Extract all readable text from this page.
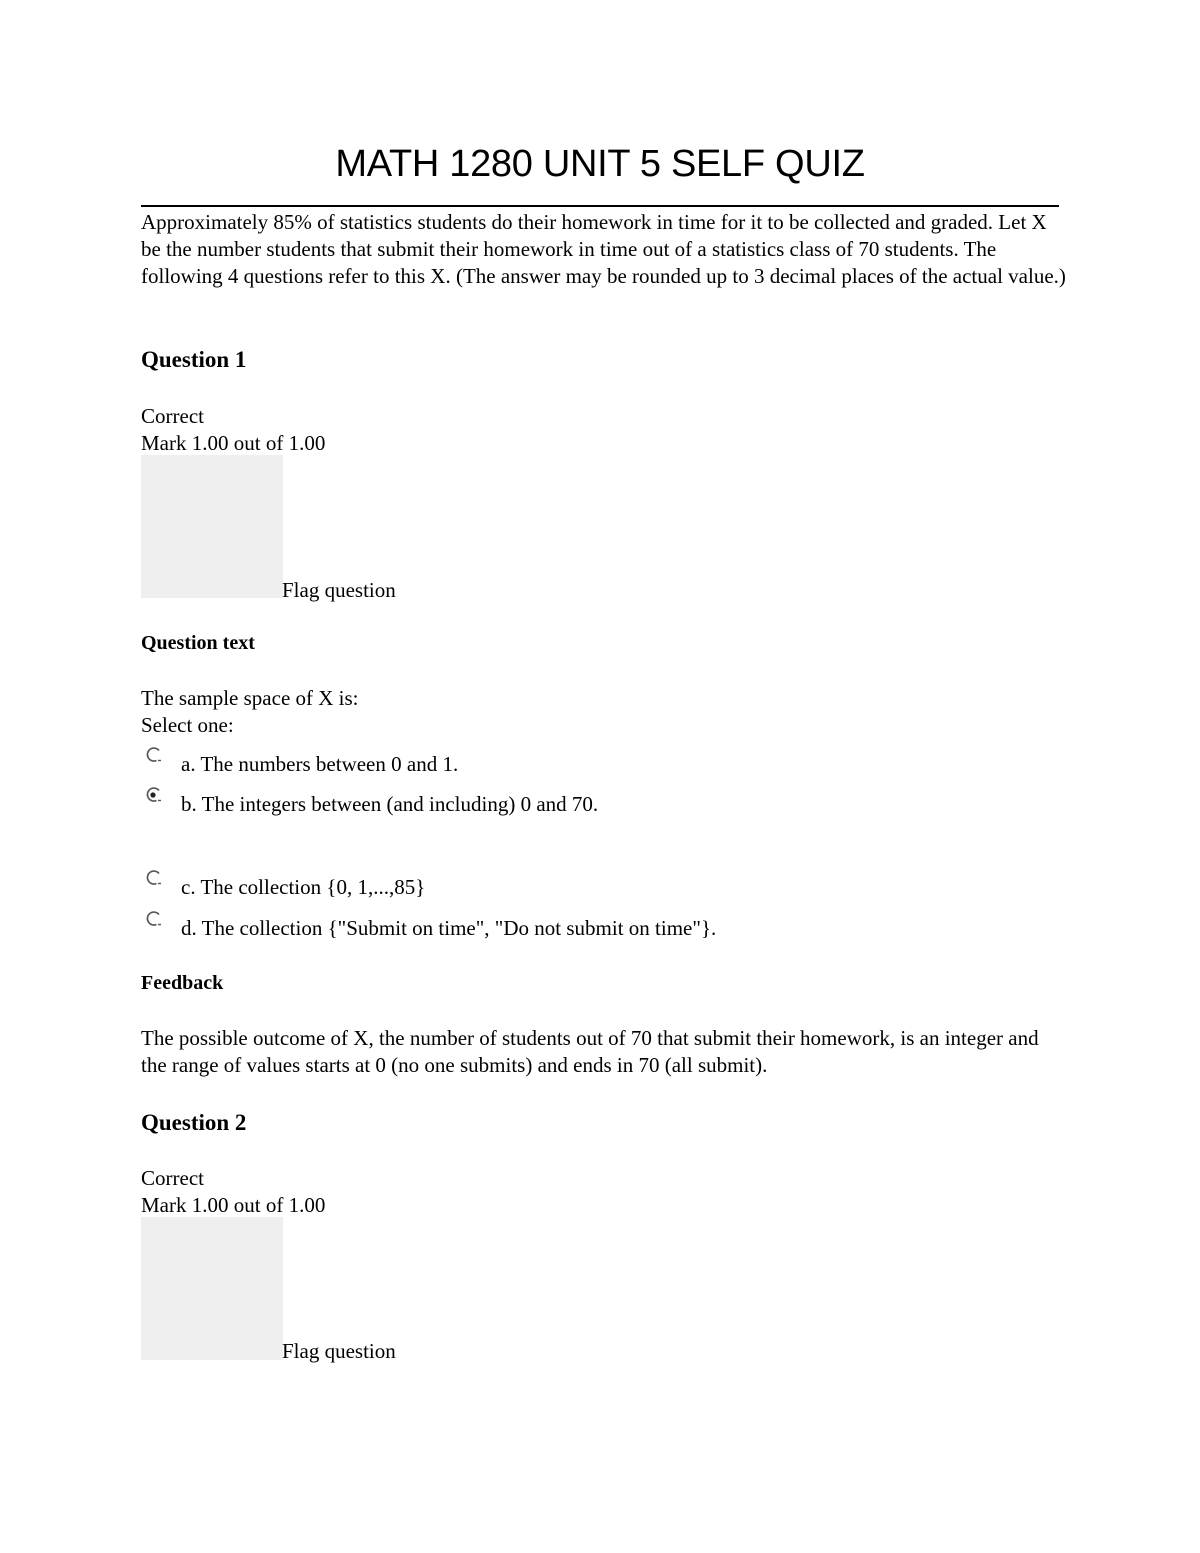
MATH 1280 UNIT 5 SELF QUIZ
Approximately 85% of statistics students do their homework in time for it to be collected and graded. Let X be the number students that submit their homework in time out of a statistics class of 70 students. The following 4 questions refer to this X. (The answer may be rounded up to 3 decimal places of the actual value.)
Question 1
Correct
Mark 1.00 out of 1.00
Flag question
Question text
The sample space of X is:
Select one:
a. The numbers between 0 and 1.
b. The integers between (and including) 0 and 70.
c. The collection {0, 1,...,85}
d. The collection {"Submit on time", "Do not submit on time"}.
Feedback
The possible outcome of X, the number of students out of 70 that submit their homework, is an integer and the range of values starts at 0 (no one submits) and ends in 70 (all submit).
Question 2
Correct
Mark 1.00 out of 1.00
Flag question
